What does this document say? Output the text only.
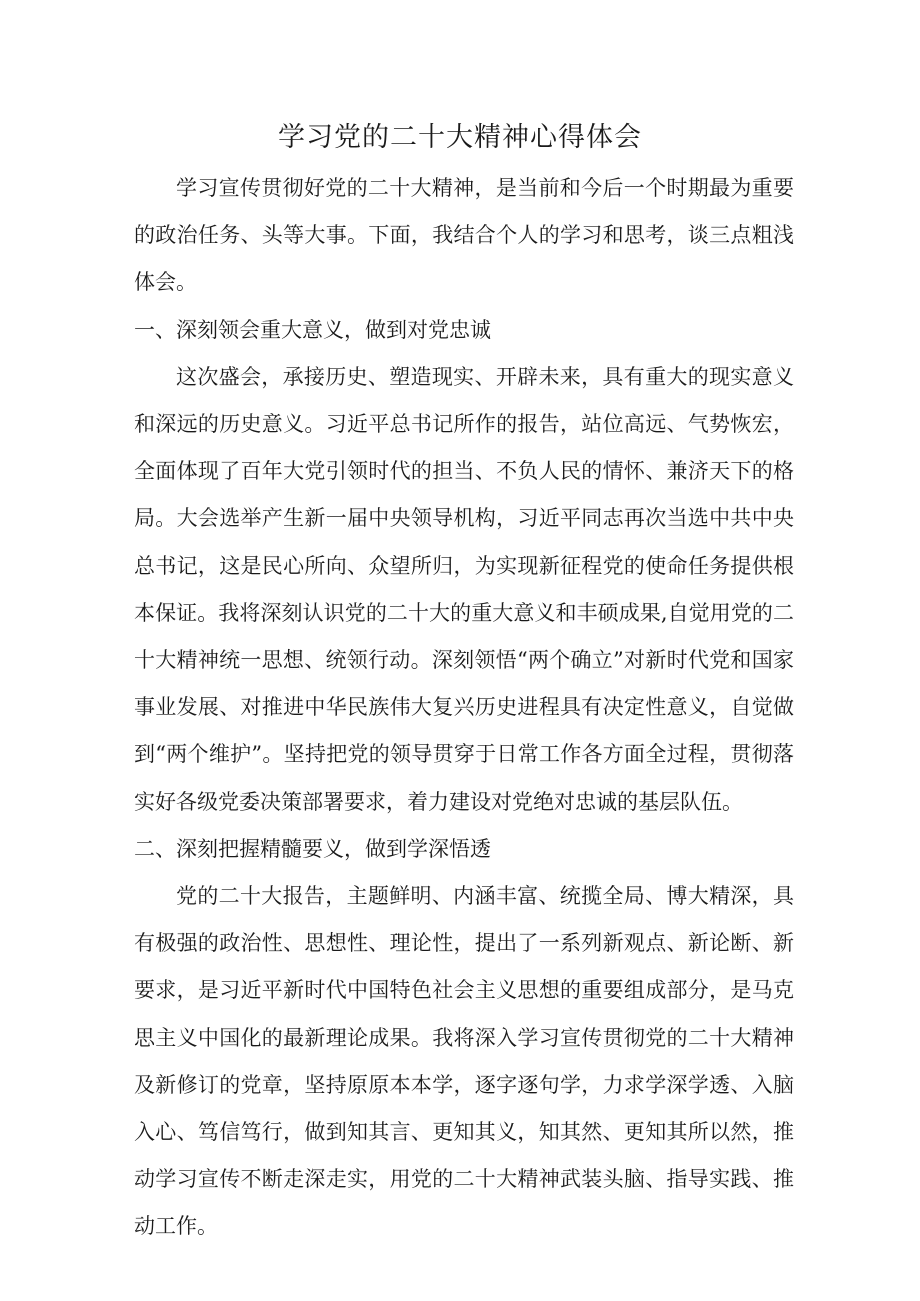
学习党的二十大精神心得体会

学习宣传贯彻好党的二十大精神，是当前和今后一个时期最为重要的政治任务、头等大事。下面，我结合个人的学习和思考，谈三点粗浅体会。

一、深刻领会重大意义，做到对党忠诚

这次盛会，承接历史、塑造现实、开辟未来，具有重大的现实意义和深远的历史意义。习近平总书记所作的报告，站位高远、气势恢宏，全面体现了百年大党引领时代的担当、不负人民的情怀、兼济天下的格局。大会选举产生新一届中央领导机构，习近平同志再次当选中共中央总书记，这是民心所向、众望所归，为实现新征程党的使命任务提供根本保证。我将深刻认识党的二十大的重大意义和丰硕成果,自觉用党的二十大精神统一思想、统领行动。深刻领悟“两个确立”对新时代党和国家事业发展、对推进中华民族伟大复兴历史进程具有决定性意义，自觉做到“两个维护”。坚持把党的领导贯穿于日常工作各方面全过程，贯彻落实好各级党委决策部署要求，着力建设对党绝对忠诚的基层队伍。

二、深刻把握精髓要义，做到学深悟透

党的二十大报告，主题鲜明、内涵丰富、统揽全局、博大精深，具有极强的政治性、思想性、理论性，提出了一系列新观点、新论断、新要求，是习近平新时代中国特色社会主义思想的重要组成部分，是马克思主义中国化的最新理论成果。我将深入学习宣传贯彻党的二十大精神及新修订的党章，坚持原原本本学，逐字逐句学，力求学深学透、入脑入心、笃信笃行，做到知其言、更知其义，知其然、更知其所以然，推动学习宣传不断走深走实，用党的二十大精神武装头脑、指导实践、推动工作。
